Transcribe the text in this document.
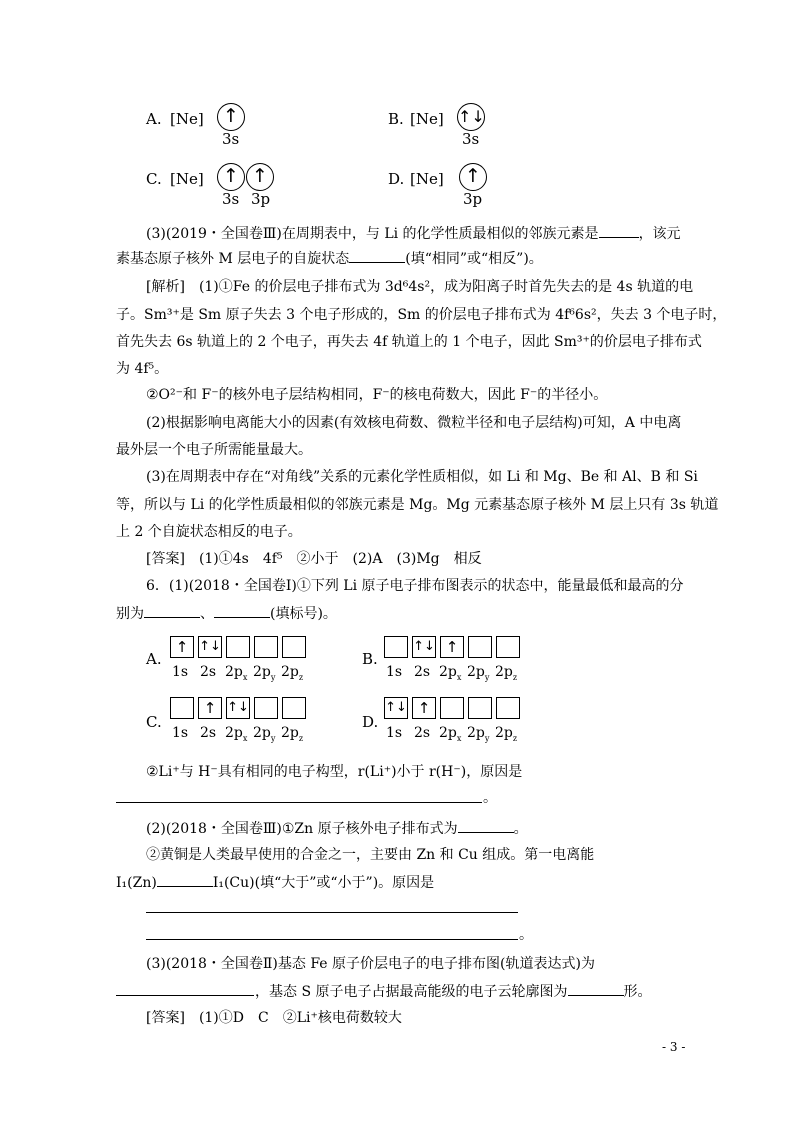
A. [Ne]	↑
3s
B. [Ne] ↑↓
3s
C. [Ne]	↑ ↑
3s 3p
D. [Ne]	↑
3p
(3)(2019・全国卷Ⅲ)在周期表中，与 Li 的化学性质最相似的邻族元素是	，该元
素基态原子核外 M 层电子的自旋状态	(填“相同”或“相反”)。
[解析]  (1)①Fe 的价层电子排布式为 3d⁶4s²，成为阳离子时首先失去的是 4s 轨道的电
子。Sm³⁺是 Sm 原子失去 3 个电子形成的，Sm 的价层电子排布式为 4f⁶6s²，失去 3 个电子时，
首先失去 6s 轨道上的 2 个电子，再失去 4f 轨道上的 1 个电子，因此 Sm³⁺的价层电子排布式
为 4f⁵。
②O²⁻和 F⁻的核外电子层结构相同，F⁻的核电荷数大，因此 F⁻的半径小。
(2)根据影响电离能大小的因素(有效核电荷数、微粒半径和电子层结构)可知，A 中电离
最外层一个电子所需能量最大。
(3)在周期表中存在“对角线”关系的元素化学性质相似，如 Li 和 Mg、Be 和 Al、B 和 Si
等，所以与 Li 的化学性质最相似的邻族元素是 Mg。Mg 元素基态原子核外 M 层上只有 3s 轨道
上 2 个自旋状态相反的电子。
[答案]  (1)①4s　4f⁵　②小于　(2)A　(3)Mg　相反
6．(1)(2018・全国卷Ⅰ)①下列 Li 原子电子排布图表示的状态中，能量最低和最高的分
别为	、	(填标号)。
A.
↑ ↑↓
1s 2s $2p_x$ $2p_y$ $2p_z$
B.
↑↓ ↑
1s 2s $2p_x$ $2p_y$ $2p_z$
C.
↑ ↑↓
1s 2s $2p_x$ $2p_y$ $2p_z$
D.
↑↓ ↑
1s 2s $2p_x$ $2p_y$ $2p_z$
②Li⁺与 H⁻具有相同的电子构型，r(Li⁺)小于 r(H⁻)，原因是
。
(2)(2018・全国卷Ⅲ)①Zn 原子核外电子排布式为	。
②黄铜是人类最早使用的合金之一，主要由 Zn 和 Cu 组成。第一电离能
I₁(Zn)	I₁(Cu)(填“大于”或“小于”)。原因是
。
(3)(2018・全国卷Ⅱ)基态 Fe 原子价层电子的电子排布图(轨道表达式)为
，基态 S 原子电子占据最高能级的电子云轮廓图为	形。
[答案]  (1)①D　C　②Li⁺核电荷数较大
- 3 -
